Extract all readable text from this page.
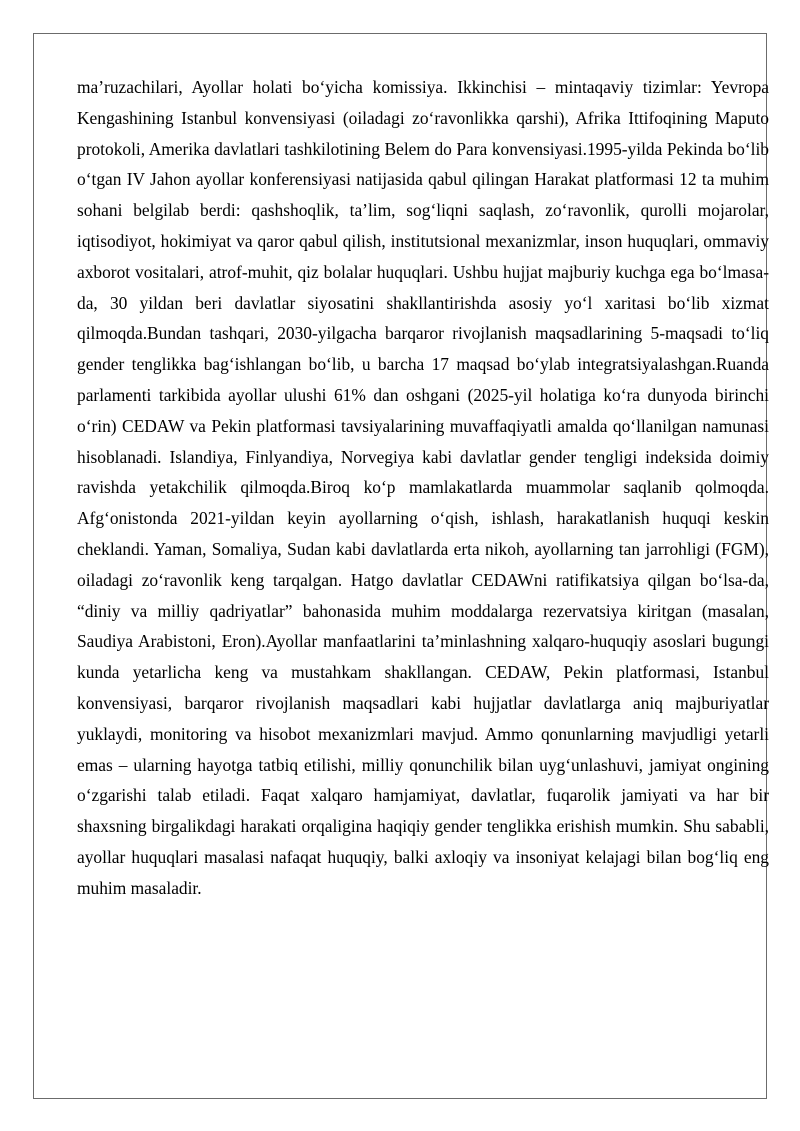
ma’ruzachilari, Ayollar holati bo‘yicha komissiya. Ikkinchisi – mintaqaviy tizimlar: Yevropa Kengashining Istanbul konvensiyasi (oiladagi zo‘ravonlikka qarshi), Afrika Ittifoqining Maputo protokoli, Amerika davlatlari tashkilotining Belem do Para konvensiyasi.1995-yilda Pekinda bo‘lib o‘tgan IV Jahon ayollar konferensiyasi natijasida qabul qilingan Harakat platformasi 12 ta muhim sohani belgilab berdi: qashshoqlik, ta’lim, sog‘liqni saqlash, zo‘ravonlik, qurolli mojarolar, iqtisodiyot, hokimiyat va qaror qabul qilish, institutsional mexanizmlar, inson huquqlari, ommaviy axborot vositalari, atrof-muhit, qiz bolalar huquqlari. Ushbu hujjat majburiy kuchga ega bo‘lmasa-da, 30 yildan beri davlatlar siyosatini shakllantirishda asosiy yo‘l xaritasi bo‘lib xizmat qilmoqda.Bundan tashqari, 2030-yilgacha barqaror rivojlanish maqsadlarining 5-maqsadi to‘liq gender tenglikka bag‘ishlangan bo‘lib, u barcha 17 maqsad bo‘ylab integratsiyalashgan.Ruanda parlamenti tarkibida ayollar ulushi 61% dan oshgani (2025-yil holatiga ko‘ra dunyoda birinchi o‘rin) CEDAW va Pekin platformasi tavsiyalarining muvaffaqiyatli amalda qo‘llanilgan namunasi hisoblanadi. Islandiya, Finlyandiya, Norvegiya kabi davlatlar gender tengligi indeksida doimiy ravishda yetakchilik qilmoqda.Biroq ko‘p mamlakatlarda muammolar saqlanib qolmoqda. Afg‘onistonda 2021-yildan keyin ayollarning o‘qish, ishlash, harakatlanish huquqi keskin cheklandi. Yaman, Somaliya, Sudan kabi davlatlarda erta nikoh, ayollarning tan jarrohligi (FGM), oiladagi zo‘ravonlik keng tarqalgan. Hatgo davlatlar CEDAWni ratifikatsiya qilgan bo‘lsa-da, “diniy va milliy qadriyatlar” bahonasida muhim moddalarga rezervatsiya kiritgan (masalan, Saudiya Arabistoni, Eron).Ayollar manfaatlarini ta’minlashning xalqaro-huquqiy asoslari bugungi kunda yetarlicha keng va mustahkam shakllangan. CEDAW, Pekin platformasi, Istanbul konvensiyasi, barqaror rivojlanish maqsadlari kabi hujjatlar davlatlarga aniq majburiyatlar yuklaydi, monitoring va hisobot mexanizmlari mavjud. Ammo qonunlarning mavjudligi yetarli emas – ularning hayotga tatbiq etilishi, milliy qonunchilik bilan uyg‘unlashuvi, jamiyat ongining o‘zgarishi talab etiladi. Faqat xalqaro hamjamiyat, davlatlar, fuqarolik jamiyati va har bir shaxsning birgalikdagi harakati orqaligina haqiqiy gender tenglikka erishish mumkin. Shu sababli, ayollar huquqlari masalasi nafaqat huquqiy, balki axloqiy va insoniyat kelajagi bilan bog‘liq eng muhim masaladir.
